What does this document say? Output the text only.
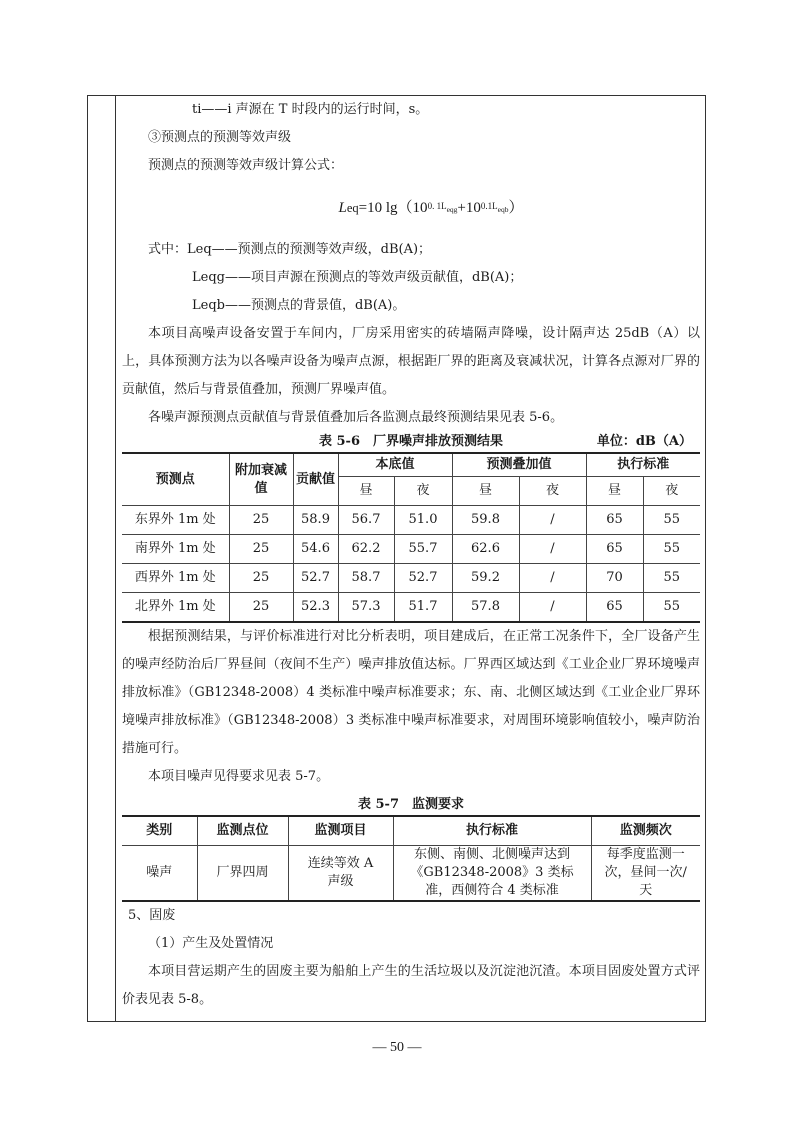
ti——i 声源在 T 时段内的运行时间，s。

③预测点的预测等效声级

预测点的预测等效声级计算公式：

L eq =10 lg（10 0. $1L_{eqg} +10$ $0.1L_{eqb}$ ）

式中：Leq——预测点的预测等效声级，dB(A)；

Leqg——项目声源在预测点的等效声级贡献值，dB(A)；

Leqb——预测点的背景值，dB(A)。

本项目高噪声设备安置于车间内，厂房采用密实的砖墙隔声降噪，设计隔声达 25dB（A）以上，具体预测方法为以各噪声设备为噪声点源，根据距厂界的距离及衰减状况，计算各点源对厂界的贡献值，然后与背景值叠加，预测厂界噪声值。

各噪声源预测点贡献值与背景值叠加后各监测点最终预测结果见表 5-6。

表 5-6　厂界噪声排放预测结果	单位：dB（A）

预测点	附加衰减值	贡献值	本底值		预测叠加值		执行标准	
			昼	夜	昼	夜	昼	夜
东界外 1m 处	25	58.9	56.7	51.0	59.8	/	65	55
南界外 1m 处	25	54.6	62.2	55.7	62.6	/	65	55
西界外 1m 处	25	52.7	58.7	52.7	59.2	/	70	55
北界外 1m 处	25	52.3	57.3	51.7	57.8	/	65	55

根据预测结果，与评价标准进行对比分析表明，项目建成后，在正常工况条件下，全厂设备产生的噪声经防治后厂界昼间（夜间不生产）噪声排放值达标。厂界西区域达到《工业企业厂界环境噪声排放标准》（GB12348-2008）4 类标准中噪声标准要求；东、南、北侧区域达到《工业企业厂界环境噪声排放标准》（GB12348-2008）3 类标准中噪声标准要求，对周围环境影响值较小，噪声防治措施可行。

本项目噪声见得要求见表 5-7。

表 5-7　监测要求

类别	监测点位	监测项目	执行标准	监测频次
噪声	厂界四周	连续等效 A 声级	东侧、南侧、北侧噪声达到《GB12348-2008》3 类标准，西侧符合 4 类标准	每季度监测一次，昼间一次/天

5、固废

（1）产生及处置情况

本项目营运期产生的固废主要为船舶上产生的生活垃圾以及沉淀池沉渣。本项目固废处置方式评价表见表 5-8。

— 50 —
